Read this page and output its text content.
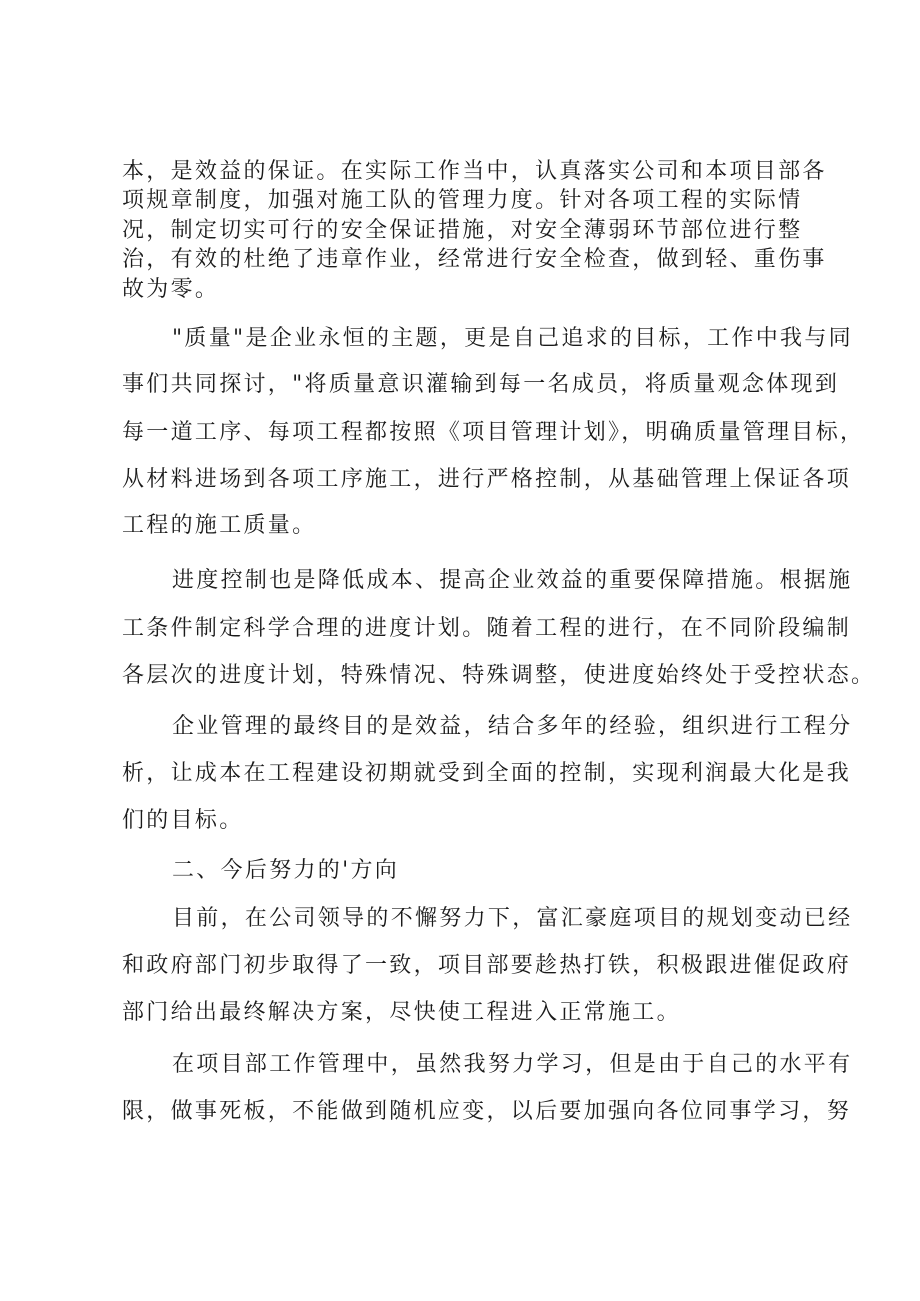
本，是效益的保证。在实际工作当中，认真落实公司和本项目部各
项规章制度，加强对施工队的管理力度。针对各项工程的实际情
况，制定切实可行的安全保证措施，对安全薄弱环节部位进行整
治，有效的杜绝了违章作业，经常进行安全检查，做到轻、重伤事
故为零。
"质量"是企业永恒的主题，更是自己追求的目标，工作中我与同
事们共同探讨，"将质量意识灌输到每一名成员，将质量观念体现到
每一道工序、每项工程都按照《项目管理计划》，明确质量管理目标，
从材料进场到各项工序施工，进行严格控制，从基础管理上保证各项
工程的施工质量。
进度控制也是降低成本、提高企业效益的重要保障措施。根据施
工条件制定科学合理的进度计划。随着工程的进行，在不同阶段编制
各层次的进度计划，特殊情况、特殊调整，使进度始终处于受控状态。
企业管理的最终目的是效益，结合多年的经验，组织进行工程分
析，让成本在工程建设初期就受到全面的控制，实现利润最大化是我
们的目标。
二、今后努力的'方向
目前，在公司领导的不懈努力下，富汇豪庭项目的规划变动已经
和政府部门初步取得了一致，项目部要趁热打铁，积极跟进催促政府
部门给出最终解决方案，尽快使工程进入正常施工。
在项目部工作管理中，虽然我努力学习，但是由于自己的水平有
限，做事死板，不能做到随机应变，以后要加强向各位同事学习，努
